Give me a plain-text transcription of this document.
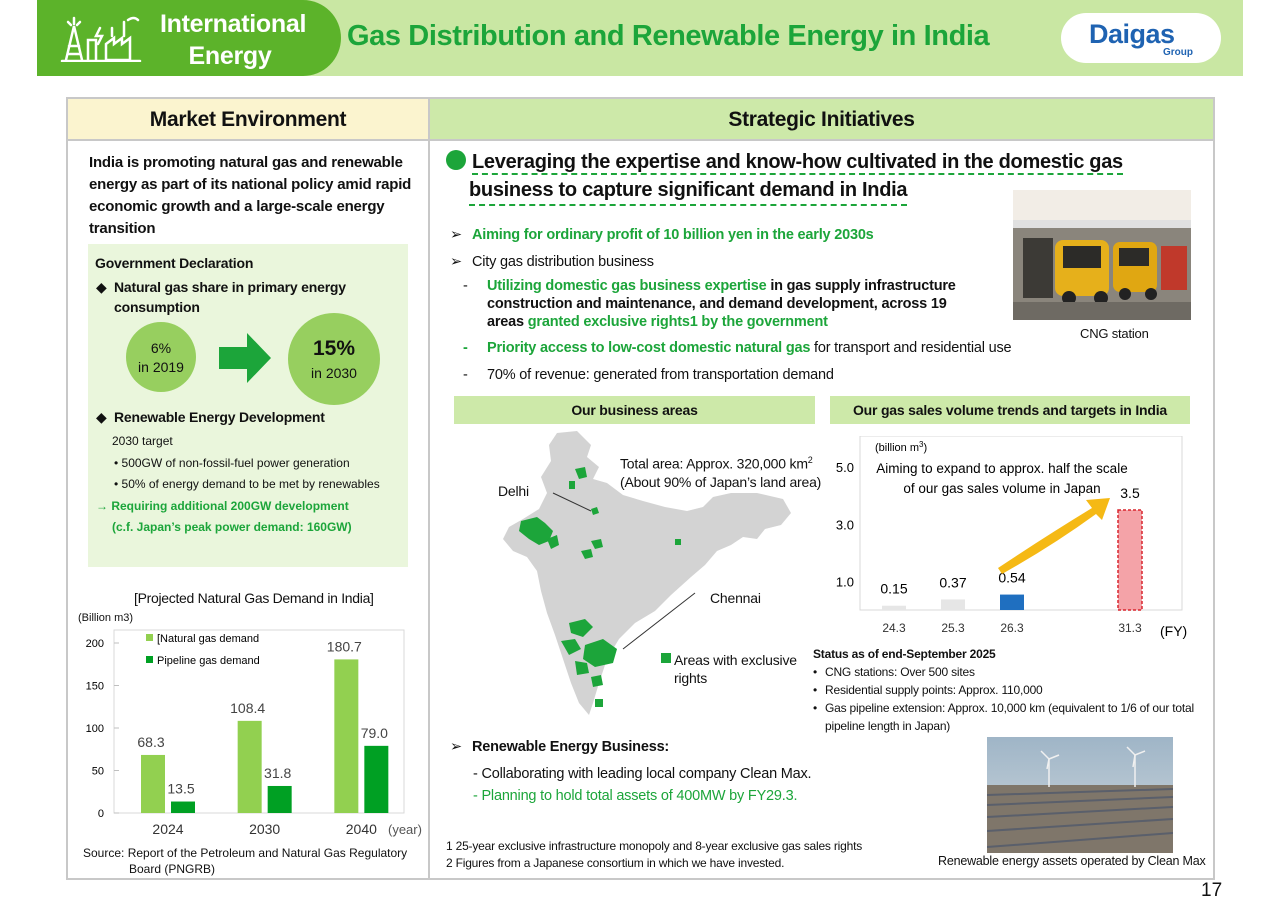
International
Energy
Gas Distribution and Renewable Energy in India	Daigas
Group
Market Environment	Strategic Initiatives
India is promoting natural gas and renewable energy as part of its national policy amid rapid economic growth and a large-scale energy transition
Government Declaration
◆ Natural gas share in primary energy
consumption
6%
in 2019
15%
in 2030
◆ Renewable Energy Development
2030 target
• 500GW of non-fossil-fuel power generation
• 50% of energy demand to be met by renewables
→ Requiring additional 200GW development
(c.f. Japan’s peak power demand: 160GW)
[Projected Natural Gas Demand in India]
(Billion m3)
0
50
100
150
200
68.3
13.5
2024
108.4
31.8
2030
180.7
79.0
2040 (year)
[Natural gas demand
Pipeline gas demand
Source: Report of the Petroleum and Natural Gas Regulatory
Board (PNGRB)
Leveraging the expertise and know-how cultivated in the domestic gas
business to capture significant demand in India
➢ Aiming for ordinary profit of 10 billion yen in the early 2030s
➢ City gas distribution business
-	Utilizing domestic gas business expertise in gas supply infrastructure
construction and maintenance, and demand development, across 19
areas granted exclusive rights1 by the government
-	Priority access to low-cost domestic natural gas for transport and residential use
-	70% of revenue: generated from transportation demand
CNG station
Our business areas	Our gas sales volume trends and targets in India
Total area: Approx. 320,000 $km^2$
(About 90% of Japan’s land area)
Delhi
Chennai
Areas with exclusive
rights
1.0
3.0
5.0
(billion $m^3$)
Aiming to expand to approx. half the scale
of our gas sales volume in Japan
0.15
24.3
0.37
25.3
0.54
26.3
3.5
31.3 (FY)
Status as of end-September 2025
• CNG stations: Over 500 sites
• Residential supply points: Approx. 110,000
• Gas pipeline extension: Approx. 10,000 km (equivalent to 1/6 of our total pipeline length in Japan)
➢ Renewable Energy Business:
- Collaborating with leading local company Clean Max.
- Planning to hold total assets of 400MW by FY29.3.
Renewable energy assets operated by Clean Max
1 25-year exclusive infrastructure monopoly and 8-year exclusive gas sales rights
2 Figures from a Japanese consortium in which we have invested.
17
